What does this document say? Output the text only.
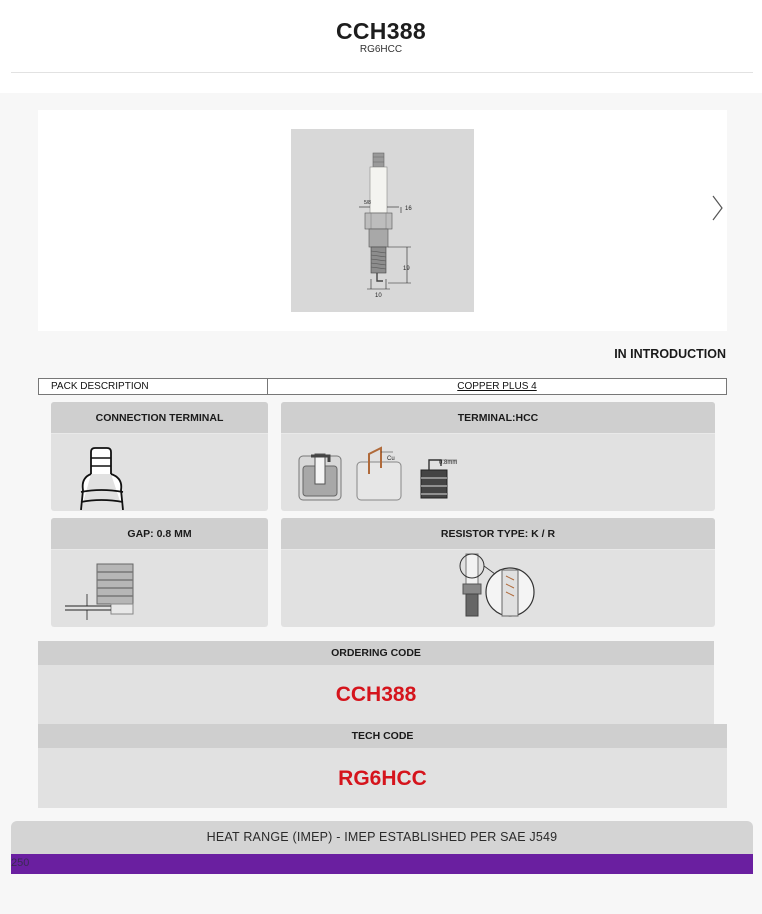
CCH388
RG6HCC
5/8
16
19
10
IN INTRODUCTION
PACK DESCRIPTION	COPPER PLUS 4
CONNECTION TERMINAL	TERMINAL:HCC
Cu
0.8mm
GAP: 0.8 MM	RESISTOR TYPE: K / R
ORDERING CODE
CCH388
TECH CODE
RG6HCC
HEAT RANGE (IMEP) - IMEP ESTABLISHED PER SAE J549
250
